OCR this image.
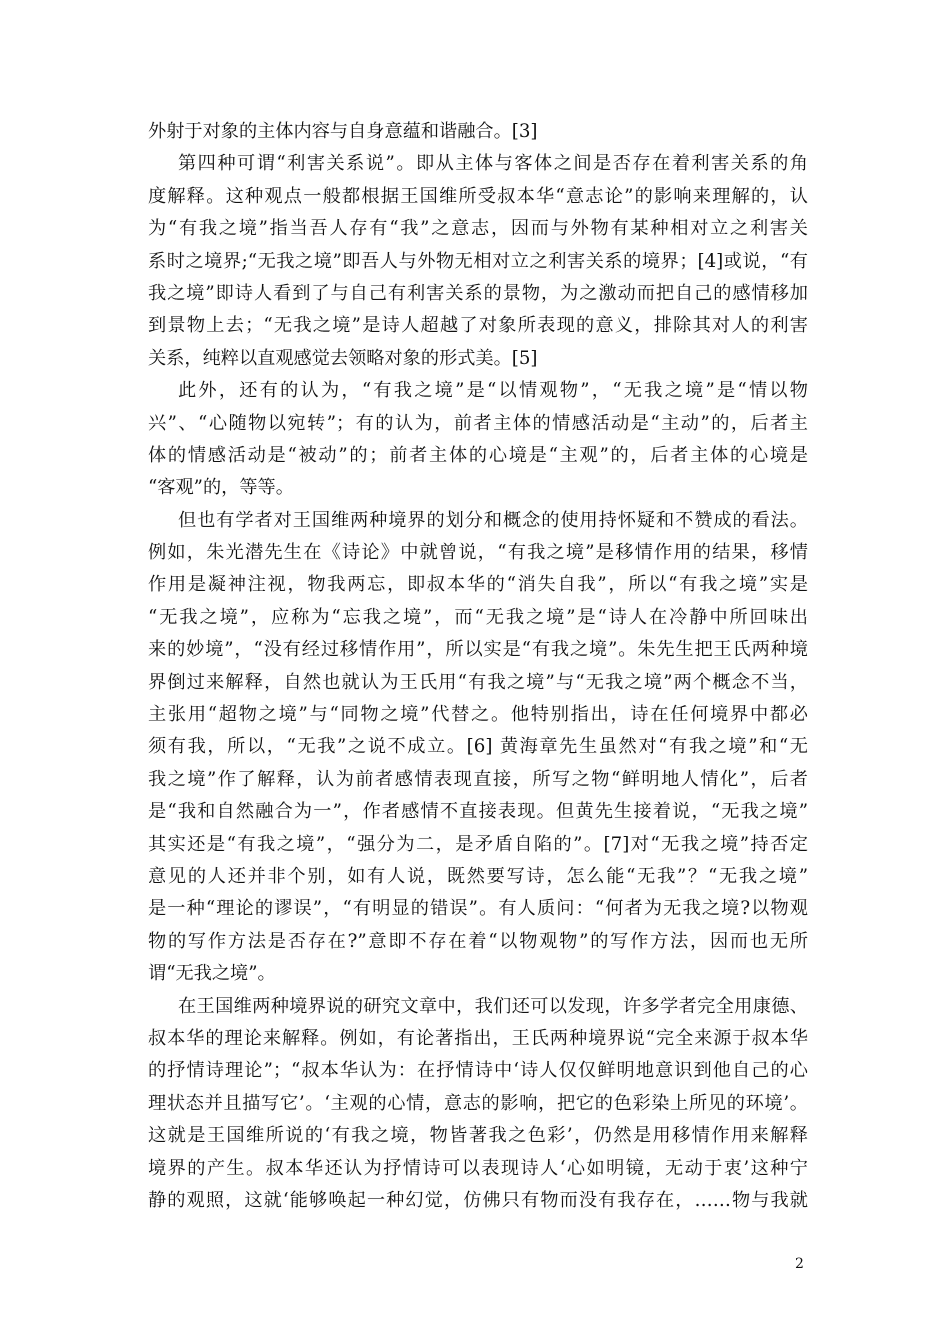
外射于对象的主体内容与自身意蕴和谐融合。[3]
第四种可谓“利害关系说”。即从主体与客体之间是否存在着利害关系的角
度解释。这种观点一般都根据王国维所受叔本华“意志论”的影响来理解的，认
为“有我之境”指当吾人存有“我”之意志，因而与外物有某种相对立之利害关
系时之境界;“无我之境”即吾人与外物无相对立之利害关系的境界；[4]或说，“有
我之境”即诗人看到了与自己有利害关系的景物，为之激动而把自己的感情移加
到景物上去；“无我之境”是诗人超越了对象所表现的意义，排除其对人的利害
关系，纯粹以直观感觉去领略对象的形式美。[5]
此外，还有的认为，“有我之境”是“以情观物”，“无我之境”是“情以物
兴”、“心随物以宛转”；有的认为，前者主体的情感活动是“主动”的，后者主
体的情感活动是“被动”的；前者主体的心境是“主观”的，后者主体的心境是
“客观”的，等等。
但也有学者对王国维两种境界的划分和概念的使用持怀疑和不赞成的看法。
例如，朱光潜先生在《诗论》中就曾说，“有我之境”是移情作用的结果，移情
作用是凝神注视，物我两忘，即叔本华的“消失自我”，所以“有我之境”实是
“无我之境”，应称为“忘我之境”，而“无我之境”是“诗人在冷静中所回味出
来的妙境”，“没有经过移情作用”，所以实是“有我之境”。朱先生把王氏两种境
界倒过来解释，自然也就认为王氏用“有我之境”与“无我之境”两个概念不当，
主张用“超物之境”与“同物之境”代替之。他特别指出，诗在任何境界中都必
须有我，所以，“无我”之说不成立。[6] 黄海章先生虽然对“有我之境”和“无
我之境”作了解释，认为前者感情表现直接，所写之物“鲜明地人情化”，后者
是“我和自然融合为一”，作者感情不直接表现。但黄先生接着说，“无我之境”
其实还是“有我之境”，“强分为二，是矛盾自陷的”。[7]对“无我之境”持否定
意见的人还并非个别，如有人说，既然要写诗，怎么能“无我”？“无我之境”
是一种“理论的谬误”，“有明显的错误”。有人质问：“何者为无我之境?以物观
物的写作方法是否存在?”意即不存在着“以物观物”的写作方法，因而也无所
谓“无我之境”。
在王国维两种境界说的研究文章中，我们还可以发现，许多学者完全用康德、
叔本华的理论来解释。例如，有论著指出，王氏两种境界说“完全来源于叔本华
的抒情诗理论”；“叔本华认为：在抒情诗中‘诗人仅仅鲜明地意识到他自己的心
理状态并且描写它’。‘主观的心情，意志的影响，把它的色彩染上所见的环境’。
这就是王国维所说的‘有我之境，物皆著我之色彩’，仍然是用移情作用来解释
境界的产生。叔本华还认为抒情诗可以表现诗人‘心如明镜，无动于衷’这种宁
静的观照，这就‘能够唤起一种幻觉，仿佛只有物而没有我存在，……物与我就
2
